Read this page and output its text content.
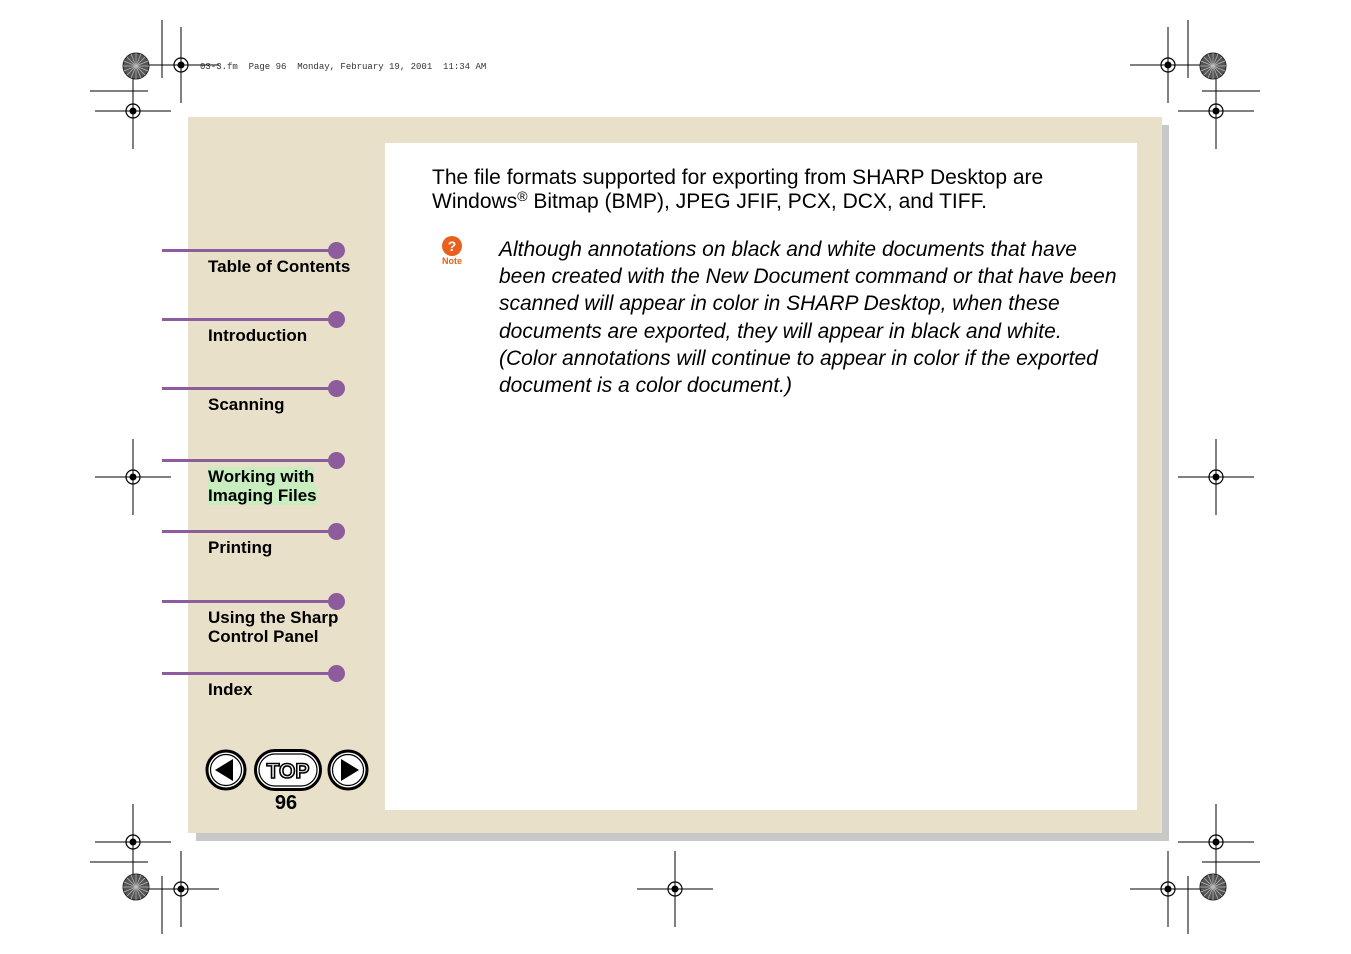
03-3.fm  Page 96  Monday, February 19, 2001  11:34 AM
The file formats supported for exporting from SHARP Desktop are Windows® Bitmap (BMP), JPEG JFIF, PCX, DCX, and TIFF.
?
Note Although annotations on black and white documents that have been created with the New Document command or that have been scanned will appear in color in SHARP Desktop, when these documents are exported, they will appear in black and white. (Color annotations will continue to appear in color if the exported document is a color document.)
Table of Contents
Introduction
Scanning
Working with
Imaging Files
Printing
Using the Sharp
Control Panel
Index
TOP
96
